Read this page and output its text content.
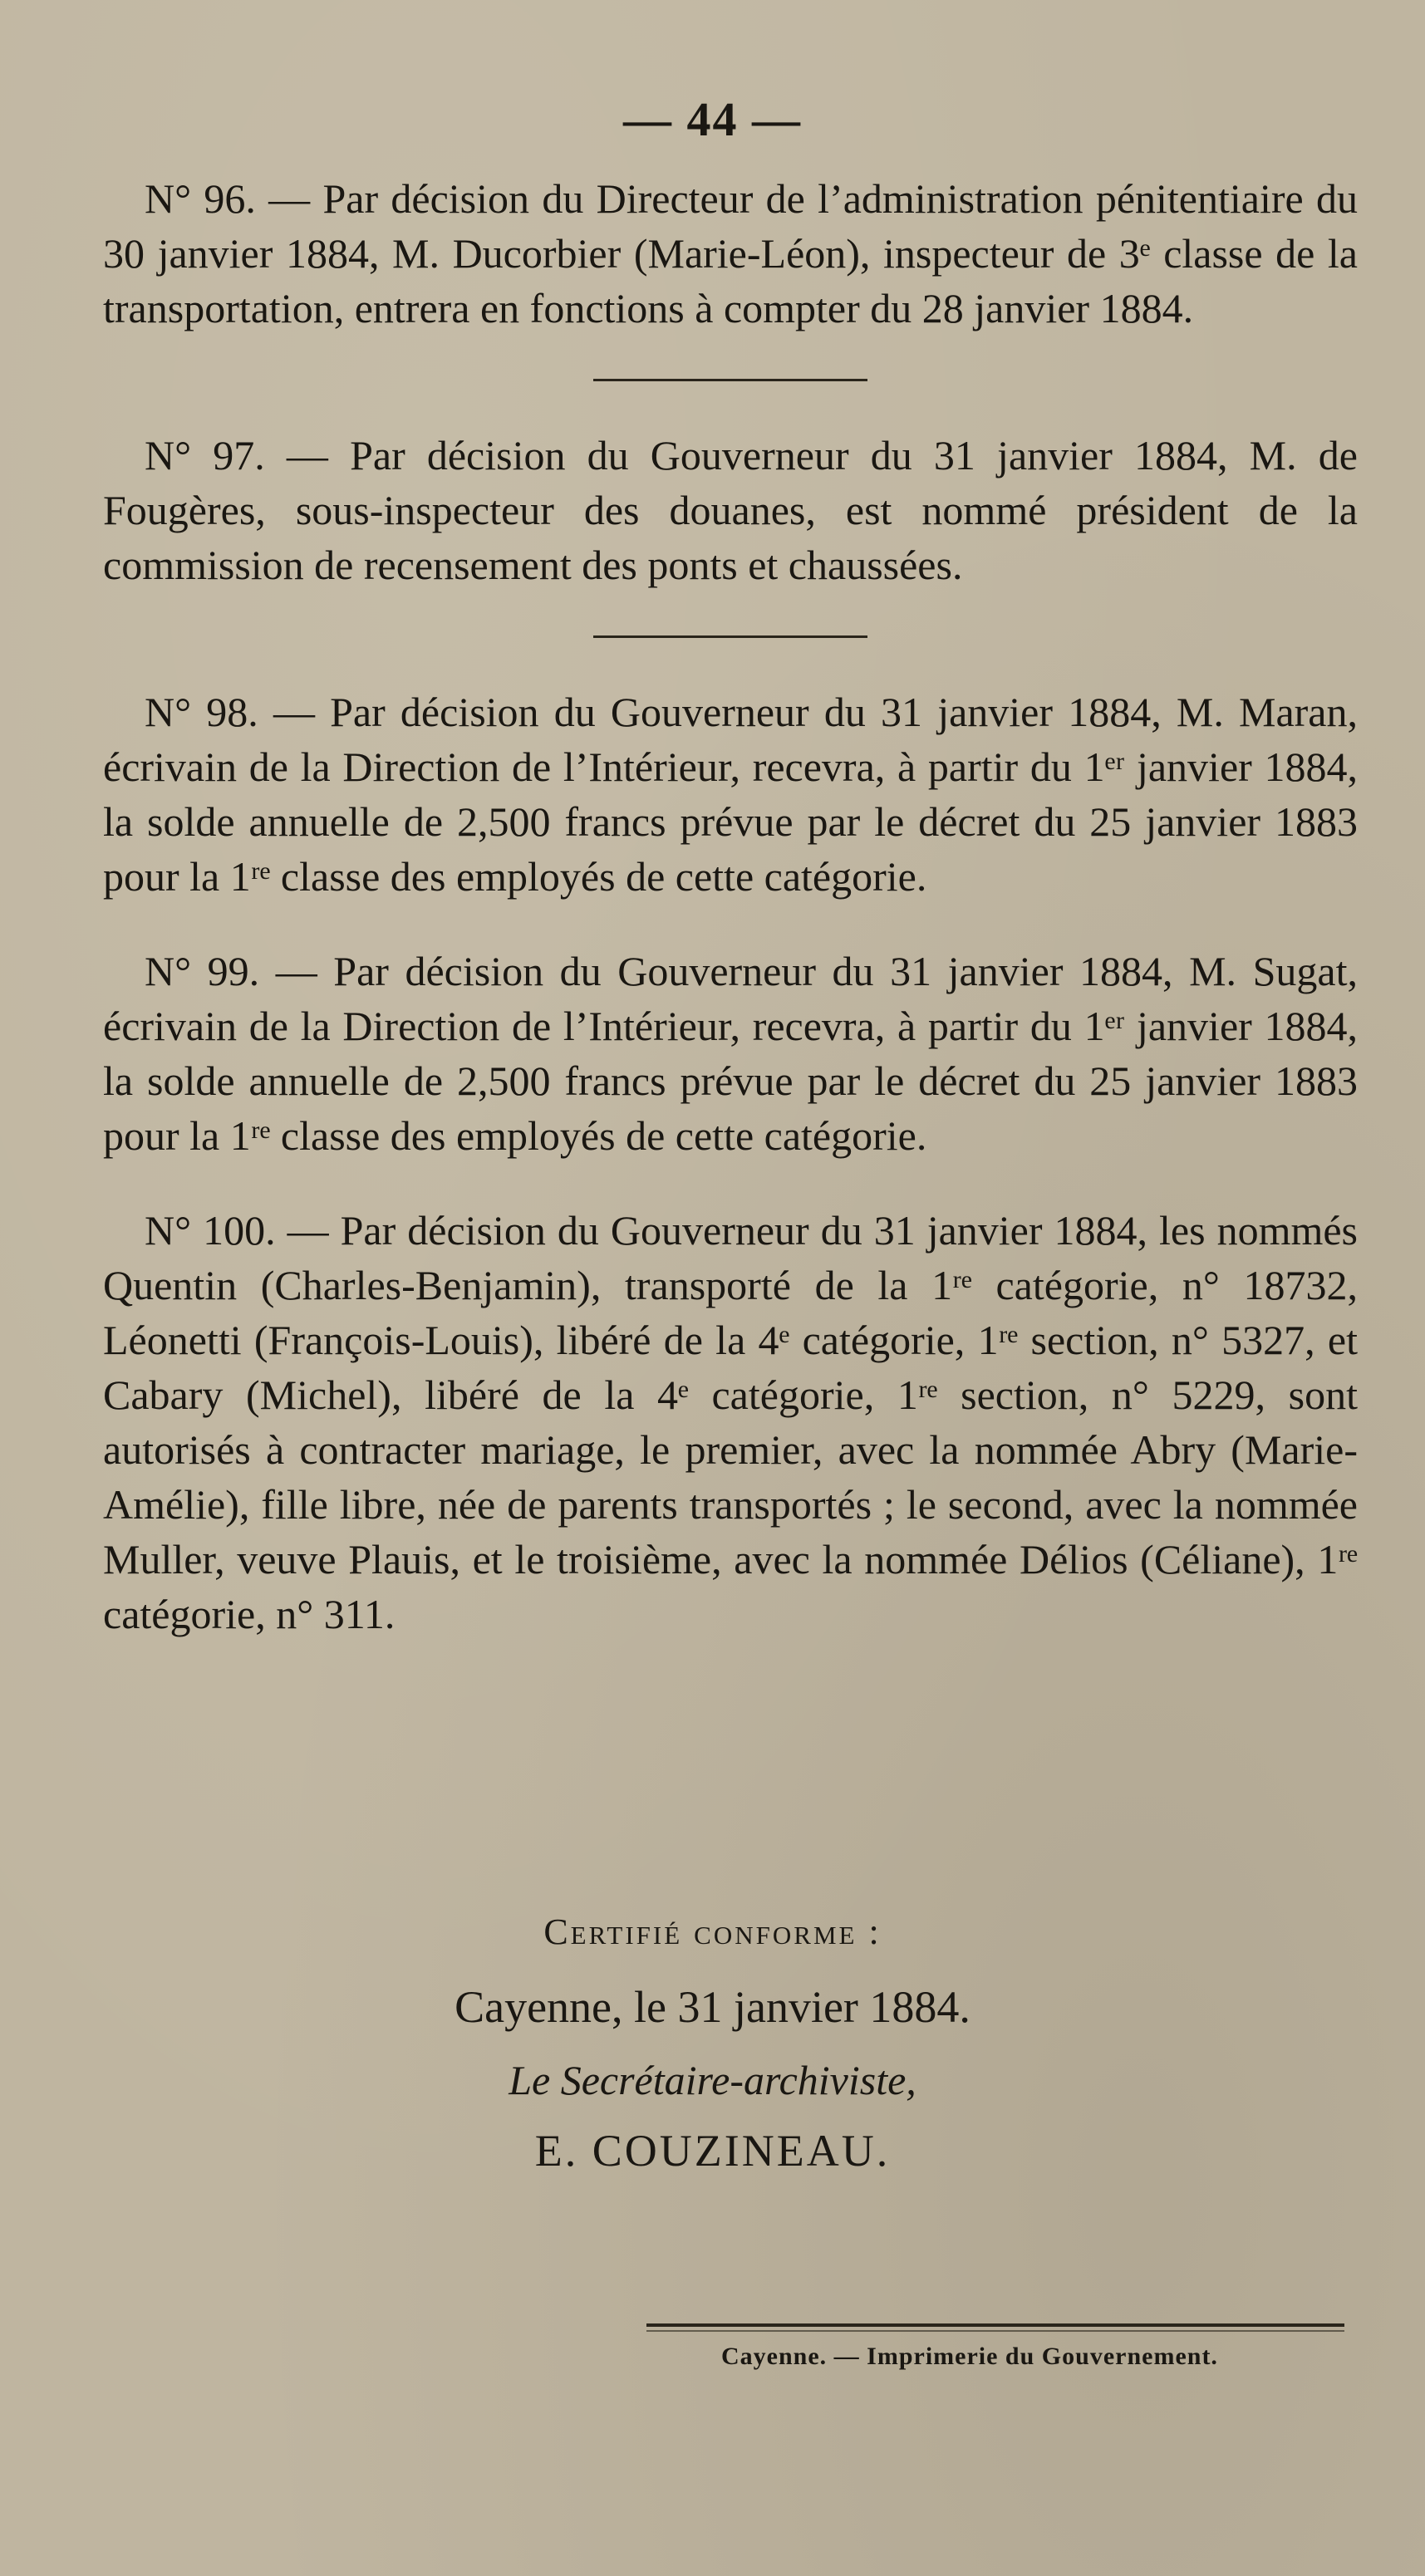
— 44 —

N° 96. — Par décision du Directeur de l’administration pénitentiaire du 30 janvier 1884, M. Ducorbier (Marie-Léon), inspecteur de 3ᵉ classe de la transportation, entrera en fonctions à compter du 28 janvier 1884.

N° 97. — Par décision du Gouverneur du 31 janvier 1884, M. de Fougères, sous-inspecteur des douanes, est nommé président de la commission de recensement des ponts et chaussées.

N° 98. — Par décision du Gouverneur du 31 janvier 1884, M. Maran, écrivain de la Direction de l’Intérieur, recevra, à partir du 1ᵉʳ janvier 1884, la solde annuelle de 2,500 francs prévue par le décret du 25 janvier 1883 pour la 1ʳᵉ classe des employés de cette catégorie.

N° 99. — Par décision du Gouverneur du 31 janvier 1884, M. Sugat, écrivain de la Direction de l’Intérieur, recevra, à partir du 1ᵉʳ janvier 1884, la solde annuelle de 2,500 francs prévue par le décret du 25 janvier 1883 pour la 1ʳᵉ classe des employés de cette catégorie.

N° 100. — Par décision du Gouverneur du 31 janvier 1884, les nommés Quentin (Charles-Benjamin), transporté de la 1ʳᵉ catégorie, n° 18732, Léonetti (François-Louis), libéré de la 4ᵉ catégorie, 1ʳᵉ section, n° 5327, et Cabary (Michel), libéré de la 4ᵉ catégorie, 1ʳᵉ section, n° 5229, sont autorisés à contracter mariage, le premier, avec la nommée Abry (Marie-Amélie), fille libre, née de parents transportés ; le second, avec la nommée Muller, veuve Plauis, et le troisième, avec la nommée Délios (Céliane), 1ʳᵉ catégorie, n° 311.

Certifié conforme :
Cayenne, le 31 janvier 1884.
Le Secrétaire-archiviste,
E. COUZINEAU.
Cayenne. — Imprimerie du Gouvernement.
